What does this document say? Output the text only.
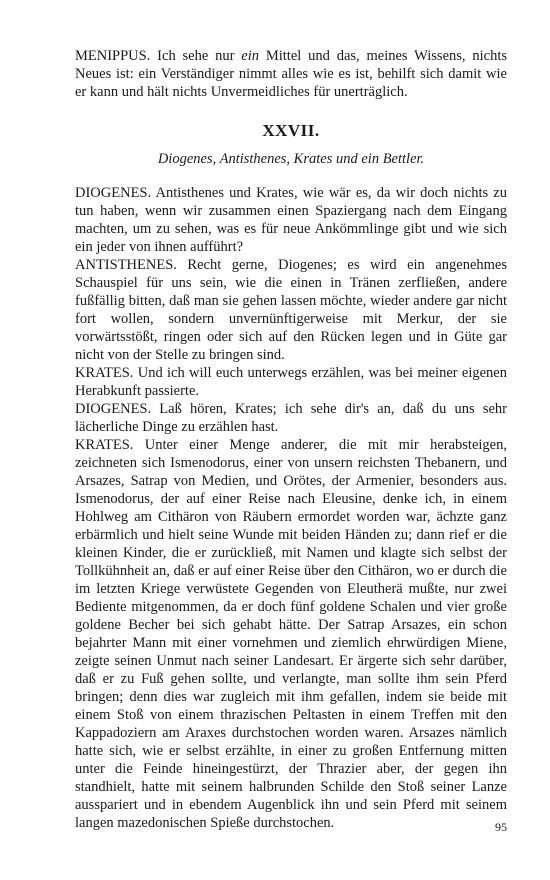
MENIPPUS. Ich sehe nur ein Mittel und das, meines Wissens, nichts Neues ist: ein Verständiger nimmt alles wie es ist, behilft sich damit wie er kann und hält nichts Unvermeidliches für unerträglich.

XXVII.
Diogenes, Antisthenes, Krates und ein Bettler.

DIOGENES. Antisthenes und Krates, wie wär es, da wir doch nichts zu tun haben, wenn wir zusammen einen Spaziergang nach dem Eingang machten, um zu sehen, was es für neue Ankömmlinge gibt und wie sich ein jeder von ihnen aufführt?

ANTISTHENES. Recht gerne, Diogenes; es wird ein angenehmes Schauspiel für uns sein, wie die einen in Tränen zerfließen, andere fußfällig bitten, daß man sie gehen lassen möchte, wieder andere gar nicht fort wollen, sondern unvernünftigerweise mit Merkur, der sie vorwärtsstößt, ringen oder sich auf den Rücken legen und in Güte gar nicht von der Stelle zu bringen sind.

KRATES. Und ich will euch unterwegs erzählen, was bei meiner eigenen Herabkunft passierte.

DIOGENES. Laß hören, Krates; ich sehe dir's an, daß du uns sehr lächerliche Dinge zu erzählen hast.

KRATES. Unter einer Menge anderer, die mit mir herabsteigen, zeichneten sich Ismenodorus, einer von unsern reichsten Thebanern, und Arsazes, Satrap von Medien, und Orötes, der Armenier, besonders aus. Ismenodorus, der auf einer Reise nach Eleusine, denke ich, in einem Hohlweg am Cithäron von Räubern ermordet worden war, ächzte ganz erbärmlich und hielt seine Wunde mit beiden Händen zu; dann rief er die kleinen Kinder, die er zurückließ, mit Namen und klagte sich selbst der Tollkühnheit an, daß er auf einer Reise über den Cithäron, wo er durch die im letzten Kriege verwüstete Gegenden von Eleutherä mußte, nur zwei Bediente mitgenommen, da er doch fünf goldene Schalen und vier große goldene Becher bei sich gehabt hätte. Der Satrap Arsazes, ein schon bejahrter Mann mit einer vornehmen und ziemlich ehrwürdigen Miene, zeigte seinen Unmut nach seiner Landesart. Er ärgerte sich sehr darüber, daß er zu Fuß gehen sollte, und verlangte, man sollte ihm sein Pferd bringen; denn dies war zugleich mit ihm gefallen, indem sie beide mit einem Stoß von einem thrazischen Peltasten in einem Treffen mit den Kappadoziern am Araxes durchstochen worden waren. Arsazes nämlich hatte sich, wie er selbst erzählte, in einer zu großen Entfernung mitten unter die Feinde hineingestürzt, der Thrazier aber, der gegen ihn standhielt, hatte mit seinem halbrunden Schilde den Stoß seiner Lanze ausspariert und in ebendem Augenblick ihn und sein Pferd mit seinem langen mazedonischen Spieße durchstochen.	95
